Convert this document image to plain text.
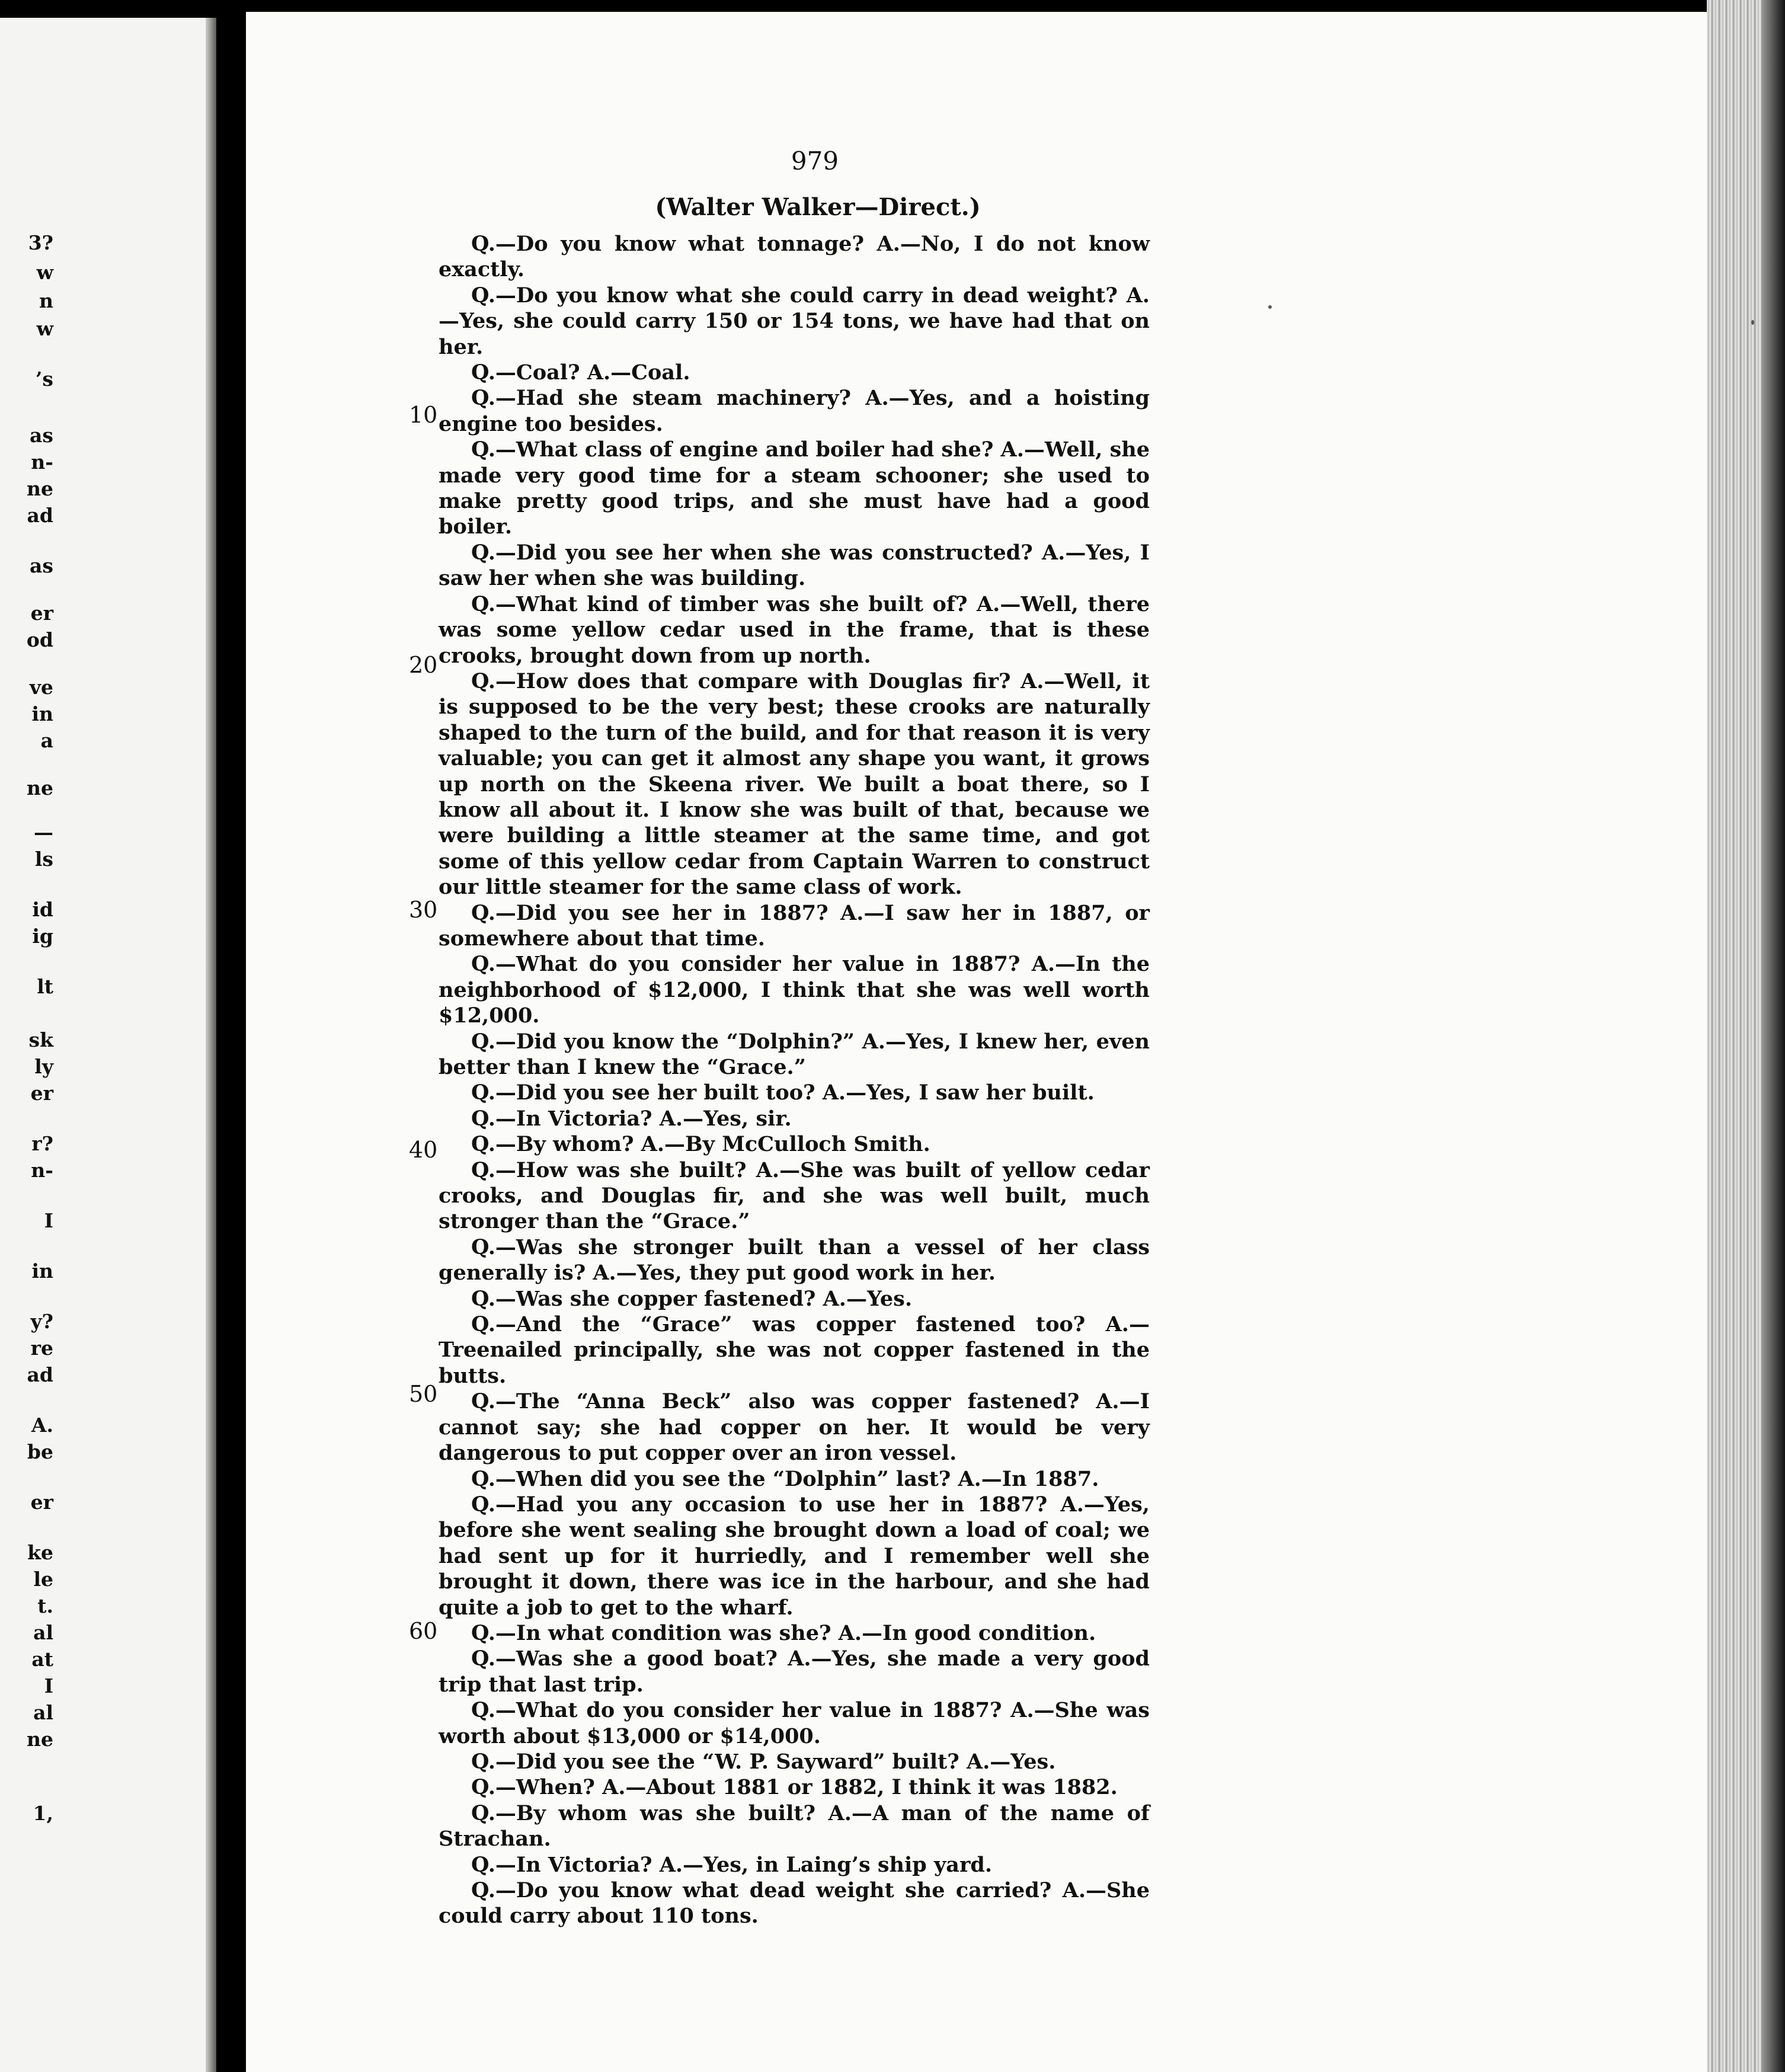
3?
w
n
w
’s
as
n-
ne
ad
as
er
od
ve
in
a
ne
—
ls
id
ig
lt
sk
ly
er
r?
n-
I
in
y?
re
ad
A.
be
er
ke
le
t.
al
at
I
al
ne
1,
979
(Walter Walker—Direct.)
10
20
30
40
50
60

Q.—Do you know what tonnage? A.—No, I do not know exactly.

Q.—Do you know what she could carry in dead weight? A.—Yes, she could carry 150 or 154 tons, we have had that on her.

Q.—Coal? A.—Coal.

Q.—Had she steam machinery? A.—Yes, and a hoisting engine too besides.

Q.—What class of engine and boiler had she? A.—Well, she made very good time for a steam schooner; she used to make pretty good trips, and she must have had a good boiler.

Q.—Did you see her when she was constructed? A.—Yes, I saw her when she was building.

Q.—What kind of timber was she built of? A.—Well, there was some yellow cedar used in the frame, that is these crooks, brought down from up north.

Q.—How does that compare with Douglas fir? A.—Well, it is supposed to be the very best; these crooks are naturally shaped to the turn of the build, and for that reason it is very valuable; you can get it almost any shape you want, it grows up north on the Skeena river. We built a boat there, so I know all about it. I know she was built of that, because we were building a little steamer at the same time, and got some of this yellow cedar from Captain Warren to construct our little steamer for the same class of work.

Q.—Did you see her in 1887? A.—I saw her in 1887, or somewhere about that time.

Q.—What do you consider her value in 1887? A.—In the neighborhood of $12,000, I think that she was well worth $12,000.

Q.—Did you know the “Dolphin?” A.—Yes, I knew her, even better than I knew the “Grace.”

Q.—Did you see her built too? A.—Yes, I saw her built.

Q.—In Victoria? A.—Yes, sir.

Q.—By whom? A.—By McCulloch Smith.

Q.—How was she built? A.—She was built of yellow cedar crooks, and Douglas fir, and she was well built, much stronger than the “Grace.”

Q.—Was she stronger built than a vessel of her class generally is? A.—Yes, they put good work in her.

Q.—Was she copper fastened? A.—Yes.

Q.—And the “Grace” was copper fastened too? A.—Treenailed principally, she was not copper fastened in the butts.

Q.—The “Anna Beck” also was copper fastened? A.—I cannot say; she had copper on her. It would be very dangerous to put copper over an iron vessel.

Q.—When did you see the “Dolphin” last? A.—In 1887.

Q.—Had you any occasion to use her in 1887? A.—Yes, before she went sealing she brought down a load of coal; we had sent up for it hurriedly, and I remember well she brought it down, there was ice in the harbour, and she had quite a job to get to the wharf.

Q.—In what condition was she? A.—In good condition.

Q.—Was she a good boat? A.—Yes, she made a very good trip that last trip.

Q.—What do you consider her value in 1887? A.—She was worth about $13,000 or $14,000.

Q.—Did you see the “W. P. Sayward” built? A.—Yes.

Q.—When? A.—About 1881 or 1882, I think it was 1882.

Q.—By whom was she built? A.—A man of the name of Strachan.

Q.—In Victoria? A.—Yes, in Laing’s ship yard.

Q.—Do you know what dead weight she carried? A.—She could carry about 110 tons.
